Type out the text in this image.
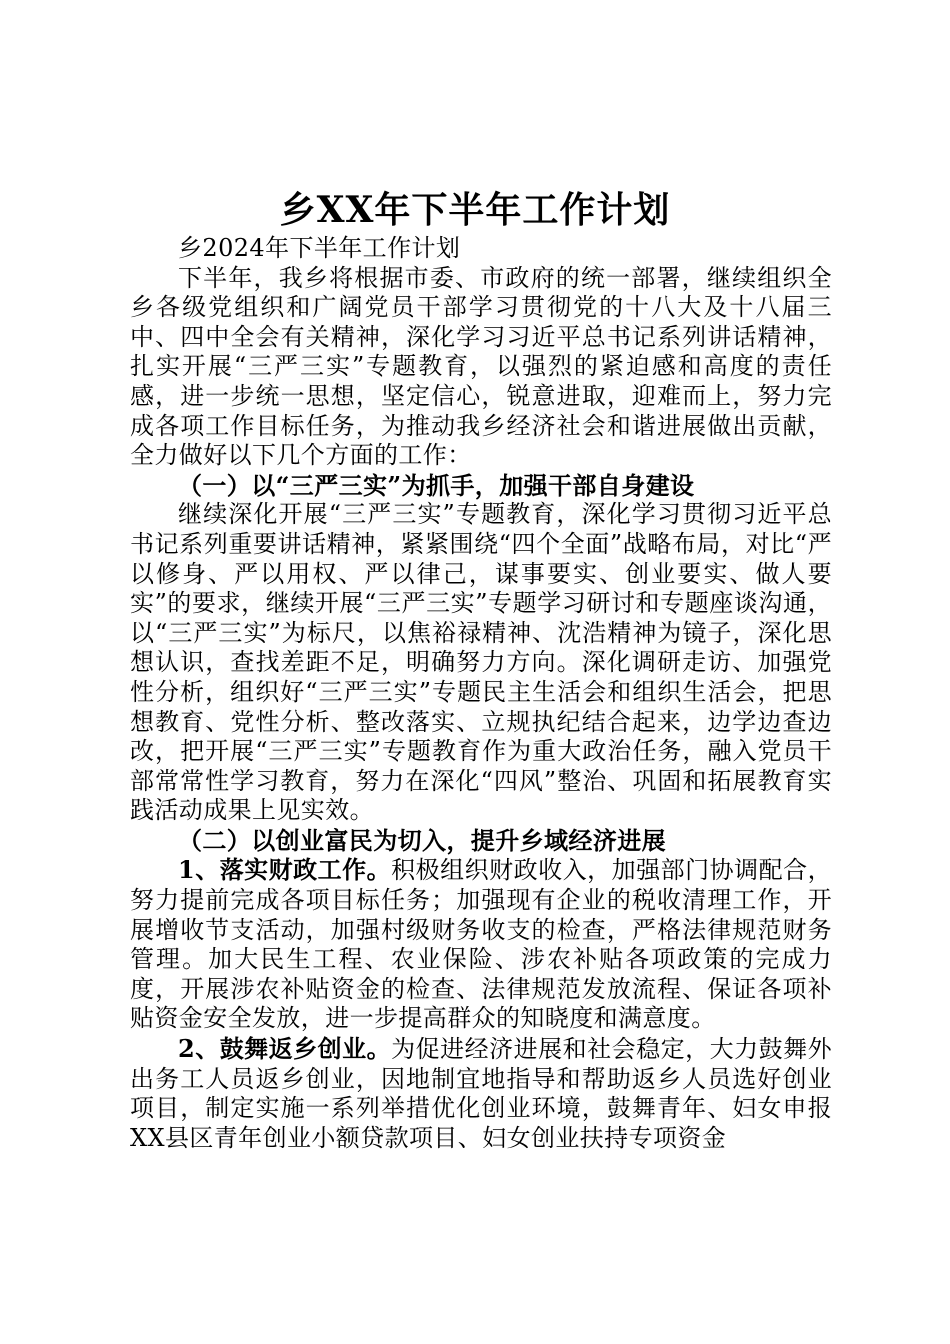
乡XX年下半年工作计划

乡2024年下半年工作计划

下半年，我乡将根据市委、市政府的统一部署，继续组织全乡各级党组织和广阔党员干部学习贯彻党的十八大及十八届三中、四中全会有关精神，深化学习习近平总书记系列讲话精神，扎实开展“三严三实”专题教育，以强烈的紧迫感和高度的责任感，进一步统一思想，坚定信心，锐意进取，迎难而上，努力完成各项工作目标任务，为推动我乡经济社会和谐进展做出贡献，全力做好以下几个方面的工作：

（一）以“三严三实”为抓手，加强干部自身建设

继续深化开展“三严三实”专题教育，深化学习贯彻习近平总书记系列重要讲话精神，紧紧围绕“四个全面”战略布局，对比“严以修身、严以用权、严以律己，谋事要实、创业要实、做人要实”的要求，继续开展“三严三实”专题学习研讨和专题座谈沟通，以“三严三实”为标尺，以焦裕禄精神、沈浩精神为镜子，深化思想认识，查找差距不足，明确努力方向。深化调研走访、加强党性分析，组织好“三严三实”专题民主生活会和组织生活会，把思想教育、党性分析、整改落实、立规执纪结合起来，边学边查边改，把开展“三严三实”专题教育作为重大政治任务，融入党员干部常常性学习教育，努力在深化“四风”整治、巩固和拓展教育实践活动成果上见实效。

（二）以创业富民为切入，提升乡域经济进展

1、落实财政工作。积极组织财政收入，加强部门协调配合，努力提前完成各项目标任务；加强现有企业的税收清理工作，开展增收节支活动，加强村级财务收支的检查，严格法律规范财务管理。加大民生工程、农业保险、涉农补贴各项政策的完成力度，开展涉农补贴资金的检查、法律规范发放流程、保证各项补贴资金安全发放，进一步提高群众的知晓度和满意度。

2、鼓舞返乡创业。为促进经济进展和社会稳定，大力鼓舞外出务工人员返乡创业，因地制宜地指导和帮助返乡人员选好创业项目，制定实施一系列举措优化创业环境，鼓舞青年、妇女申报XX县区青年创业小额贷款项目、妇女创业扶持专项资金
